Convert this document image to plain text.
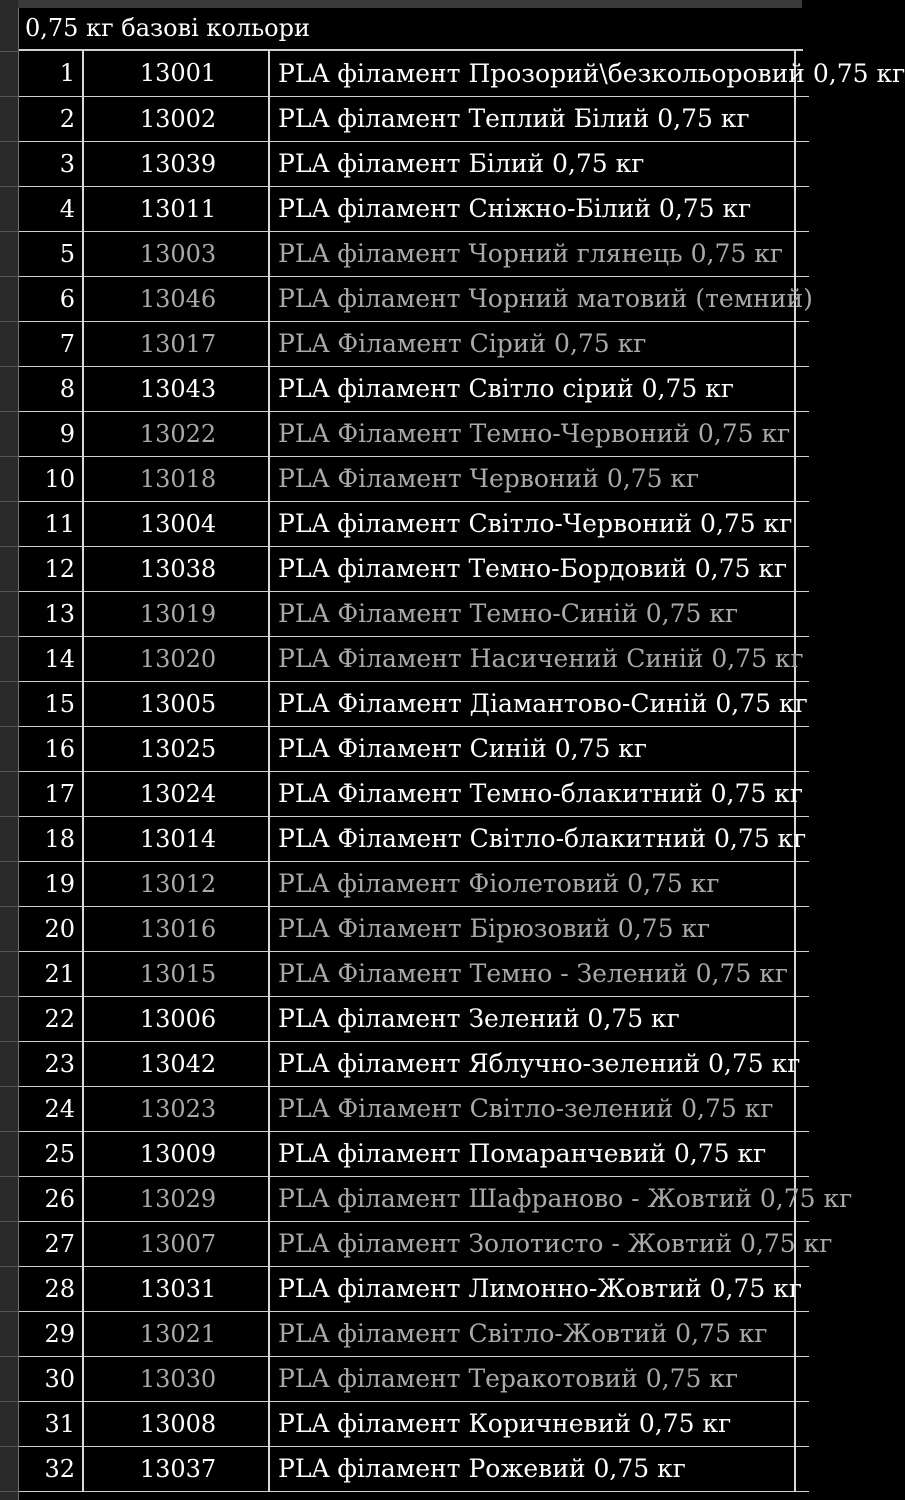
0,75 кг базові кольори
1	13001	PLA філамент Прозорий\безкольоровий 0,75 кг	
2	13002	PLA філамент Теплий Білий 0,75 кг	
3	13039	PLA філамент Білий 0,75 кг	
4	13011	PLA філамент Сніжно-Білий 0,75 кг	
5	13003	PLA філамент Чорний глянець 0,75 кг	
6	13046	PLA філамент Чорний матовий (темний)	
7	13017	PLA Філамент Сірий 0,75 кг	
8	13043	PLA філамент Світло сірий 0,75 кг	
9	13022	PLA Філамент Темно-Червоний 0,75 кг	
10	13018	PLA Філамент Червоний 0,75 кг	
11	13004	PLA філамент Світло-Червоний 0,75 кг	
12	13038	PLA філамент Темно-Бордовий 0,75 кг	
13	13019	PLA Філамент Темно-Синій 0,75 кг	
14	13020	PLA Філамент Насичений Синій 0,75 кг	
15	13005	PLA Філамент Діамантово-Синій 0,75 кг	
16	13025	PLA Філамент Синій 0,75 кг	
17	13024	PLA Філамент Темно-блакитний 0,75 кг	
18	13014	PLA Філамент Світло-блакитний 0,75 кг	
19	13012	PLA філамент Фіолетовий 0,75 кг	
20	13016	PLA Філамент Бірюзовий 0,75 кг	
21	13015	PLA Філамент Темно - Зелений 0,75 кг	
22	13006	PLA філамент Зелений 0,75 кг	
23	13042	PLA філамент Яблучно-зелений 0,75 кг	
24	13023	PLA Філамент Світло-зелений 0,75 кг	
25	13009	PLA філамент Помаранчевий 0,75 кг	
26	13029	PLA філамент Шафраново - Жовтий 0,75 кг	
27	13007	PLA філамент Золотисто - Жовтий 0,75 кг	
28	13031	PLA філамент Лимонно-Жовтий 0,75 кг	
29	13021	PLA філамент Світло-Жовтий 0,75 кг	
30	13030	PLA філамент Теракотовий 0,75 кг	
31	13008	PLA філамент Коричневий 0,75 кг	
32	13037	PLA філамент Рожевий 0,75 кг	
